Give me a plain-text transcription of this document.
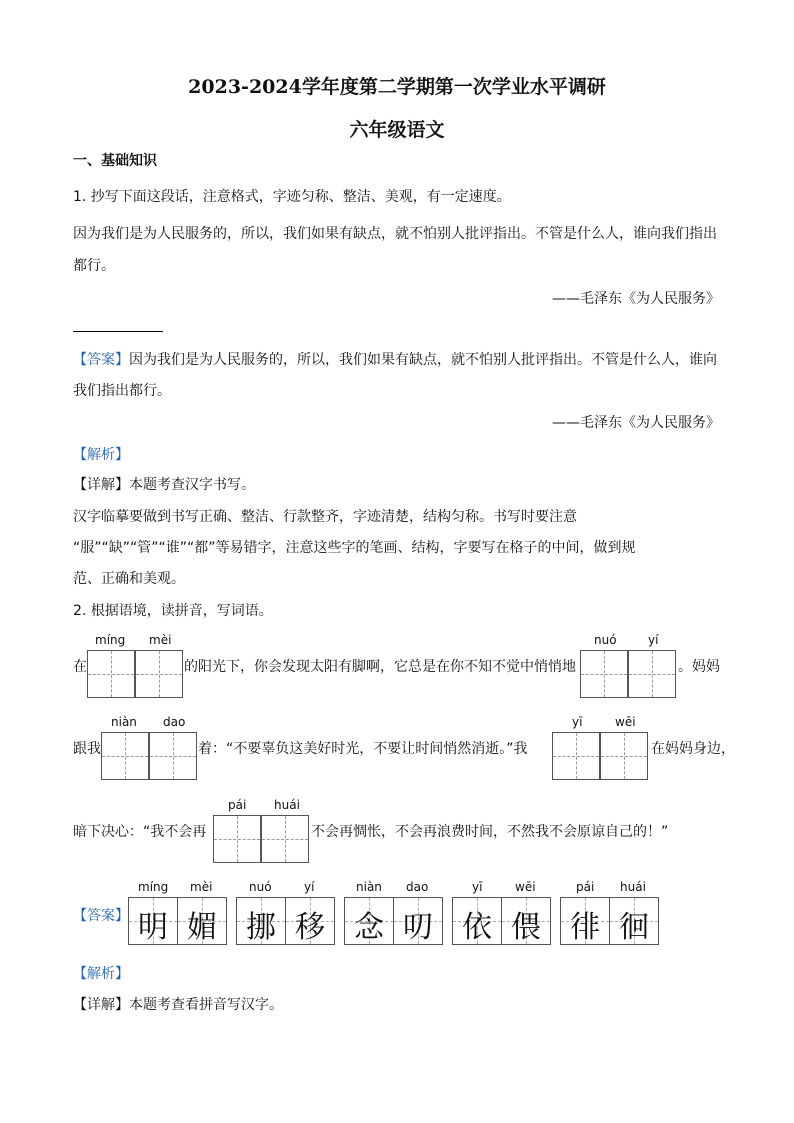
2023-2024学年度第二学期第一次学业水平调研
六年级语文
一、基础知识
1. 抄写下面这段话，注意格式，字迹匀称、整洁、美观，有一定速度。
因为我们是为人民服务的，所以，我们如果有缺点，就不怕别人批评指出。不管是什么人，谁向我们指出
都行。
——毛泽东《为人民服务》
【答案】因为我们是为人民服务的，所以，我们如果有缺点，就不怕别人批评指出。不管是什么人，谁向
我们指出都行。
——毛泽东《为人民服务》
【解析】
【详解】本题考查汉字书写。
汉字临摹要做到书写正确、整洁、行款整齐，字迹清楚，结构匀称。书写时要注意
“服”“缺”“管”“谁”“都”等易错字，注意这些字的笔画、结构，字要写在格子的中间，做到规
范、正确和美观。
2. 根据语境，读拼音，写词语。
míng mèi
在	的阳光下，你会发现太阳有脚啊，它总是在你不知不觉中悄悄地
nuó	yí
。妈妈
niàn dao
跟我	着：“不要辜负这美好时光，不要让时间悄然消逝。”我
yī	wēi
在妈妈身边，
pái huái
暗下决心：“我不会再	不会再惆怅，不会再浪费时间，不然我不会原谅自己的！”
【答案】
míng mèi
明 媚
nuó	yí
挪 移
niàn dao
念 叨
yī	wēi
依 偎
pái huái
徘 徊
【解析】
【详解】本题考查看拼音写汉字。
